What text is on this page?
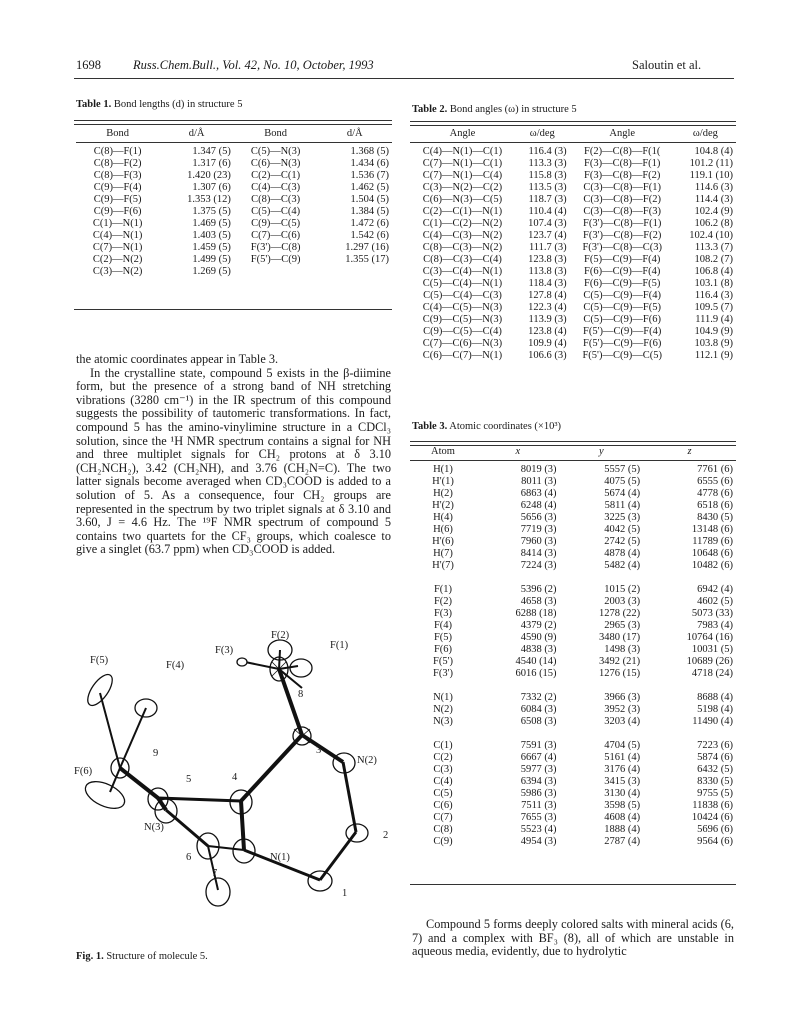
1698	Russ.Chem.Bull., Vol. 42, No. 10, October, 1993	Saloutin et al.
Table 1. Bond lengths (d) in structure 5
Bond	d/Å	Bond	d/Å
C(8)—F(1)	1.347 (5)	C(5)—N(3)	1.368 (5)
C(8)—F(2)	1.317 (6)	C(6)—N(3)	1.434 (6)
C(8)—F(3)	1.420 (23)	C(2)—C(1)	1.536 (7)
C(9)—F(4)	1.307 (6)	C(4)—C(3)	1.462 (5)
C(9)—F(5)	1.353 (12)	C(8)—C(3)	1.504 (5)
C(9)—F(6)	1.375 (5)	C(5)—C(4)	1.384 (5)
C(1)—N(1)	1.469 (5)	C(9)—C(5)	1.472 (6)
C(4)—N(1)	1.403 (5)	C(7)—C(6)	1.542 (6)
C(7)—N(1)	1.459 (5)	F(3')—C(8)	1.297 (16)
C(2)—N(2)	1.499 (5)	F(5')—C(9)	1.355 (17)
C(3)—N(2)	1.269 (5)		
Table 2. Bond angles (ω) in structure 5
Angle	ω/deg	Angle	ω/deg
C(4)—N(1)—C(1)	116.4 (3)	F(2)—C(8)—F(1(	104.8 (4)
C(7)—N(1)—C(1)	113.3 (3)	F(3)—C(8)—F(1)	101.2 (11)
C(7)—N(1)—C(4)	115.8 (3)	F(3)—C(8)—F(2)	119.1 (10)
C(3)—N(2)—C(2)	113.5 (3)	C(3)—C(8)—F(1)	114.6 (3)
C(6)—N(3)—C(5)	118.7 (3)	C(3)—C(8)—F(2)	114.4 (3)
C(2)—C(1)—N(1)	110.4 (4)	C(3)—C(8)—F(3)	102.4 (9)
C(1)—C(2)—N(2)	107.4 (3)	F(3')—C(8)—F(1)	106.2 (8)
C(4)—C(3)—N(2)	123.7 (4)	F(3')—C(8)—F(2)	102.4 (10)
C(8)—C(3)—N(2)	111.7 (3)	F(3')—C(8)—C(3)	113.3 (7)
C(8)—C(3)—C(4)	123.8 (3)	F(5)—C(9)—F(4)	108.2 (7)
C(3)—C(4)—N(1)	113.8 (3)	F(6)—C(9)—F(4)	106.8 (4)
C(5)—C(4)—N(1)	118.4 (3)	F(6)—C(9)—F(5)	103.1 (8)
C(5)—C(4)—C(3)	127.8 (4)	C(5)—C(9)—F(4)	116.4 (3)
C(4)—C(5)—N(3)	122.3 (4)	C(5)—C(9)—F(5)	109.5 (7)
C(9)—C(5)—N(3)	113.9 (3)	C(5)—C(9)—F(6)	111.9 (4)
C(9)—C(5)—C(4)	123.8 (4)	F(5')—C(9)—F(4)	104.9 (9)
C(7)—C(6)—N(3)	109.9 (4)	F(5')—C(9)—F(6)	103.8 (9)
C(6)—C(7)—N(1)	106.6 (3)	F(5')—C(9)—C(5)	112.1 (9)
Table 3. Atomic coordinates (×10³)
Atom	x	y	z
H(1)	8019 (3)	5557 (5)	7761 (6)
H'(1)	8011 (3)	4075 (5)	6555 (6)
H(2)	6863 (4)	5674 (4)	4778 (6)
H'(2)	6248 (4)	5811 (4)	6518 (6)
H(4)	5656 (3)	3225 (3)	8430 (5)
H(6)	7719 (3)	4042 (5)	13148 (6)
H'(6)	7960 (3)	2742 (5)	11789 (6)
H(7)	8414 (3)	4878 (4)	10648 (6)
H'(7)	7224 (3)	5482 (4)	10482 (6)
F(1)	5396 (2)	1015 (2)	6942 (4)
F(2)	4658 (3)	2003 (3)	4602 (5)
F(3)	6288 (18)	1278 (22)	5073 (33)
F(4)	4379 (2)	2965 (3)	7983 (4)
F(5)	4590 (9)	3480 (17)	10764 (16)
F(6)	4838 (3)	1498 (3)	10031 (5)
F(5')	4540 (14)	3492 (21)	10689 (26)
F(3')	6016 (15)	1276 (15)	4718 (24)
N(1)	7332 (2)	3966 (3)	8688 (4)
N(2)	6084 (3)	3952 (3)	5198 (4)
N(3)	6508 (3)	3203 (4)	11490 (4)
C(1)	7591 (3)	4704 (5)	7223 (6)
C(2)	6667 (4)	5161 (4)	5874 (6)
C(3)	5977 (3)	3176 (4)	6432 (5)
C(4)	6394 (3)	3415 (3)	8330 (5)
C(5)	5986 (3)	3130 (4)	9755 (5)
C(6)	7511 (3)	3598 (5)	11838 (6)
C(7)	7655 (3)	4608 (4)	10424 (6)
C(8)	5523 (4)	1888 (4)	5696 (6)
C(9)	4954 (3)	2787 (4)	9564 (6)

the atomic coordinates appear in Table 3.

In the crystalline state, compound 5 exists in the β-diimine form, but the presence of a strong band of NH stretching vibrations (3280 cm⁻¹) in the IR spectrum of this compound suggests the possibility of tautomeric transformations. In fact, compound 5 has the amino-vinylimine structure in a CDCl₃ solution, since the ¹H NMR spectrum contains a signal for NH and three multiplet signals for CH₂ protons at δ 3.10 (CH₂NCH₂), 3.42 (CH₂NH), and 3.76 (CH₂N=C). The two latter signals become averaged when CD₃COOD is added to a solution of 5. As a consequence, four CH₂ groups are represented in the spectrum by two triplet signals at δ 3.10 and 3.60, J = 4.6 Hz. The ¹⁹F NMR spectrum of compound 5 contains two quartets for the CF₃ groups, which coalesce to give a singlet (63.7 ppm) when CD₃COOD is added.

F(2)
F(3)	F(1)
F(5)	F(4)
F(6)
N(2)
N(3)
N(1)
8
9	3
5	4
6
7
2
1
Fig. 1. Structure of molecule 5.

Compound 5 forms deeply colored salts with mineral acids (6, 7) and a complex with BF₃ (8), all of which are unstable in aqueous media, evidently, due to hydrolytic
